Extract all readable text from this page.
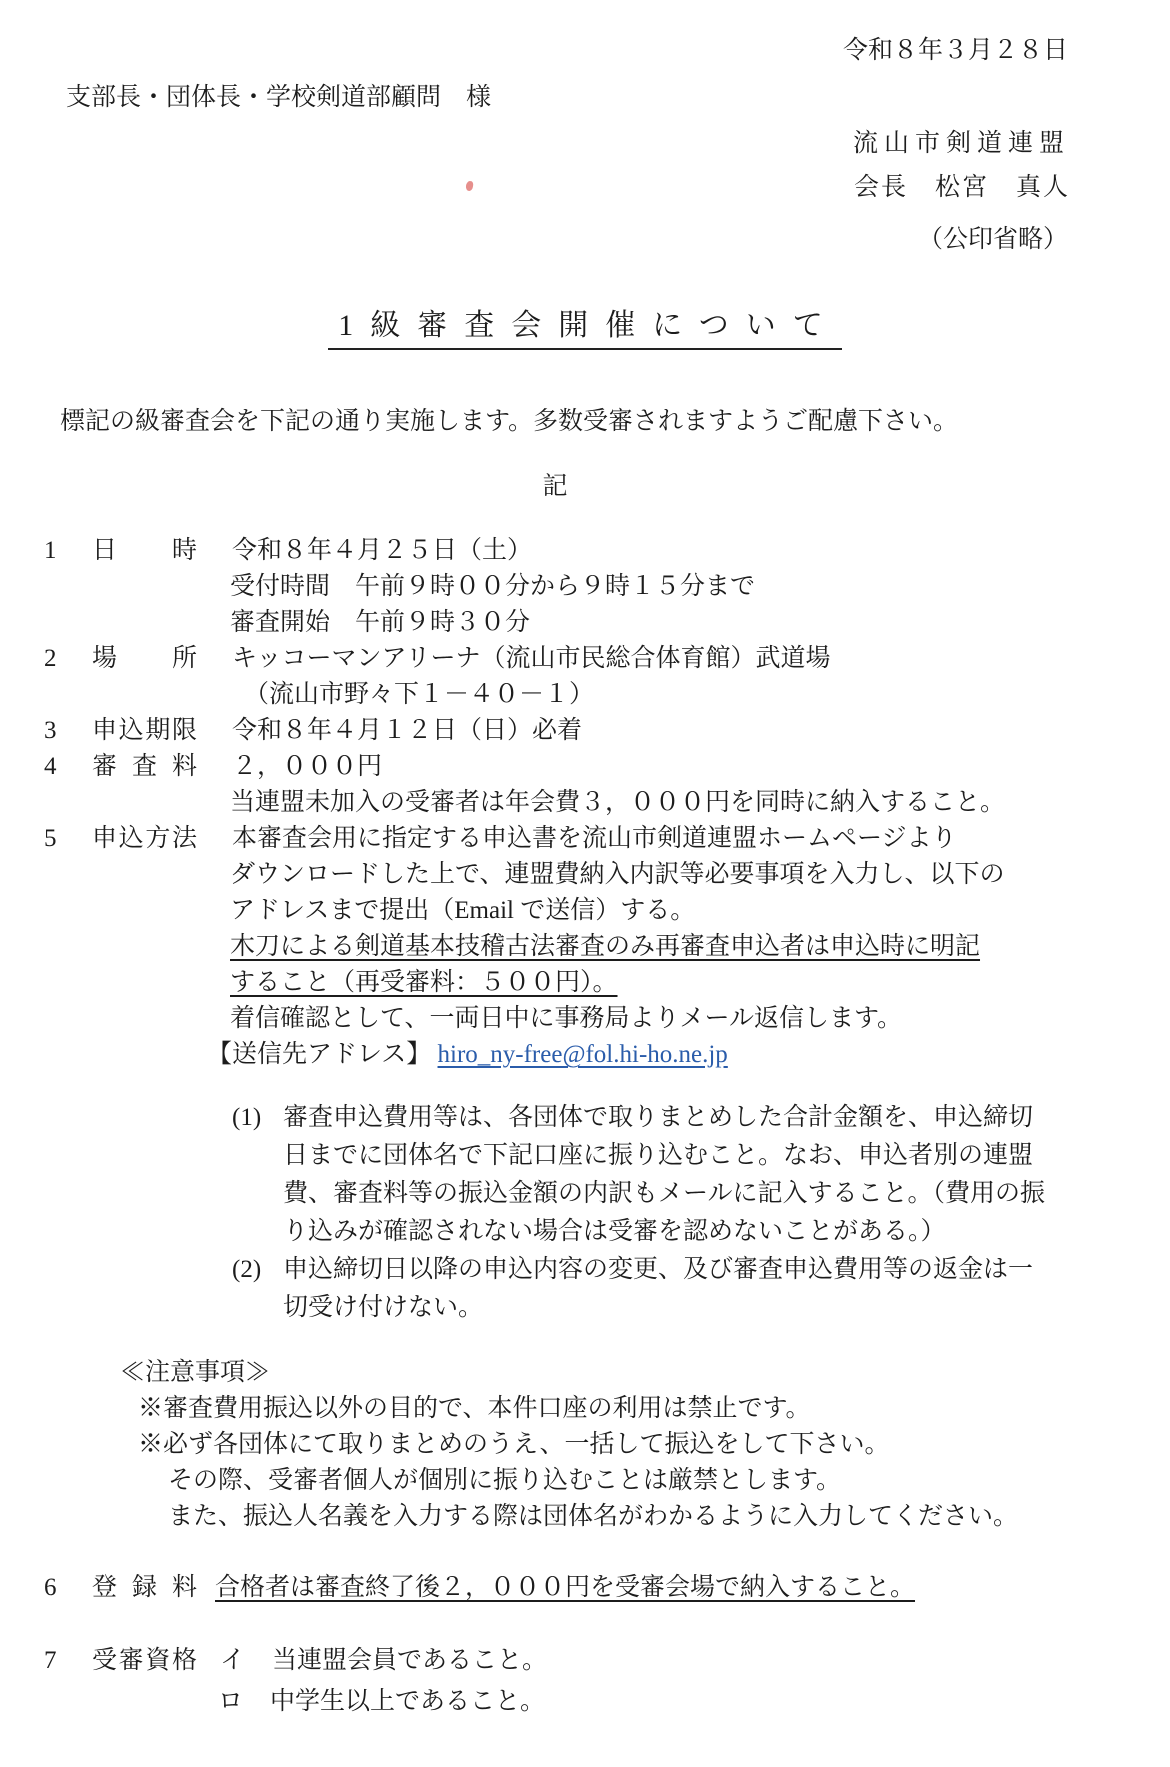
令和８年３月２８日
支部長・団体長・学校剣道部顧問　様
流山市剣道連盟
会長　松宮　真人
（公印省略）
1級審査会開催について
標記の級審査会を下記の通り実施します。多数受審されますようご配慮下さい。
記
1	日時 令和８年４月２５日（土）
受付時間　午前９時００分から９時１５分まで
審査開始　午前９時３０分
2	場所 キッコーマンアリーナ（流山市民総合体育館）武道場
（流山市野々下１－４０－１）
3	申込期限 令和８年４月１２日（日）必着
4	審査料 ２，０００円
当連盟未加入の受審者は年会費３，０００円を同時に納入すること。
5	申込方法 本審査会用に指定する申込書を流山市剣道連盟ホームページより
ダウンロードした上で、連盟費納入内訳等必要事項を入力し、以下の
アドレスまで提出（Email で送信）する。
木刀による剣道基本技稽古法審査のみ再審査申込者は申込時に明記
すること（再受審料：５００円）。
着信確認として、一両日中に事務局よりメール返信します。
【送信先アドレス】 hiro_ny-free@fol.hi-ho.ne.jp
(1) 審査申込費用等は、各団体で取りまとめした合計金額を、申込締切
日までに団体名で下記口座に振り込むこと。なお、申込者別の連盟
費、審査料等の振込金額の内訳もメールに記入すること。（費用の振
り込みが確認されない場合は受審を認めないことがある。）
(2) 申込締切日以降の申込内容の変更、及び審査申込費用等の返金は一
切受け付けない。
≪注意事項≫
※審査費用振込以外の目的で、本件口座の利用は禁止です。
※必ず各団体にて取りまとめのうえ、一括して振込をして下さい。
その際、受審者個人が個別に振り込むことは厳禁とします。
また、振込人名義を入力する際は団体名がわかるように入力してください。
6	登録料 合格者は審査終了後２，０００円を受審会場で納入すること。
7	受審資格 イ	当連盟会員であること。
ロ	中学生以上であること。
